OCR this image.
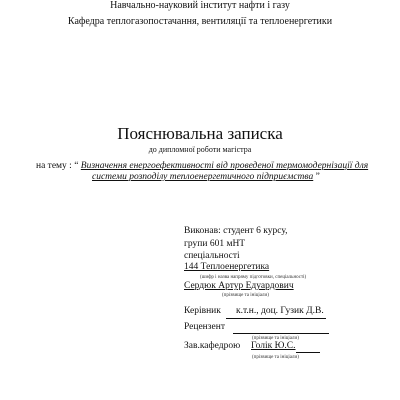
Навчально-науковий інститут нафти і газу
Кафедра теплогазопостачання, вентиляції та теплоенергетики
Пояснювальна записка
до дипломної роботи магістра
на тему : “ Визначення енергоефективності від проведеної термомодернізації для
системи розподілу теплоенергетичного підприємства ”
Виконав: студент 6 курсу,
групи 601 мНТ
спеціальності
144 Теплоенергетика
(шифр і назва напряму підготовки, спеціальності)
Сердюк Артур Едуардович
(прізвище та ініціали)
Керівник к.т.н., доц. Гузик Д.В.
Рецензент
(прізвище та ініціали)
Зав.кафедрою Голік Ю.С.
(прізвище та ініціали)
